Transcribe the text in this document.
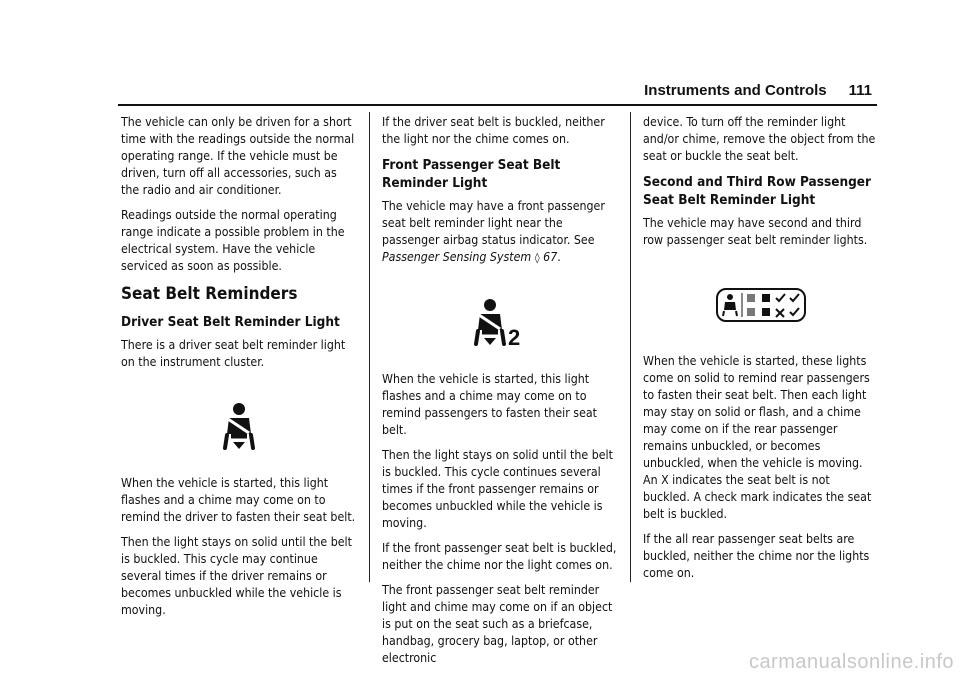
Instruments and Controls 111

The vehicle can only be driven for a short time with the readings outside the normal operating range. If the vehicle must be driven, turn off all accessories, such as the radio and air conditioner.

Readings outside the normal operating range indicate a possible problem in the electrical system. Have the vehicle serviced as soon as possible.

Seat Belt Reminders
Driver Seat Belt Reminder Light

There is a driver seat belt reminder light on the instrument cluster.

When the vehicle is started, this light flashes and a chime may come on to remind the driver to fasten their seat belt.

Then the light stays on solid until the belt is buckled. This cycle may continue several times if the driver remains or becomes unbuckled while the vehicle is moving.

If the driver seat belt is buckled, neither the light nor the chime comes on.

Front Passenger Seat Belt Reminder Light

The vehicle may have a front passenger seat belt reminder light near the passenger airbag status indicator. See Passenger Sensing System ◊ 67.

2

When the vehicle is started, this light flashes and a chime may come on to remind passengers to fasten their seat belt.

Then the light stays on solid until the belt is buckled. This cycle continues several times if the front passenger remains or becomes unbuckled while the vehicle is moving.

If the front passenger seat belt is buckled, neither the chime nor the light comes on.

The front passenger seat belt reminder light and chime may come on if an object is put on the seat such as a briefcase, handbag, grocery bag, laptop, or other electronic

device. To turn off the reminder light and/or chime, remove the object from the seat or buckle the seat belt.

Second and Third Row Passenger Seat Belt Reminder Light

The vehicle may have second and third row passenger seat belt reminder lights.

When the vehicle is started, these lights come on solid to remind rear passengers to fasten their seat belt. Then each light may stay on solid or flash, and a chime may come on if the rear passenger remains unbuckled, or becomes unbuckled, when the vehicle is moving. An X indicates the seat belt is not buckled. A check mark indicates the seat belt is buckled.

If the all rear passenger seat belts are buckled, neither the chime nor the lights come on.

carmanualsonline.info
